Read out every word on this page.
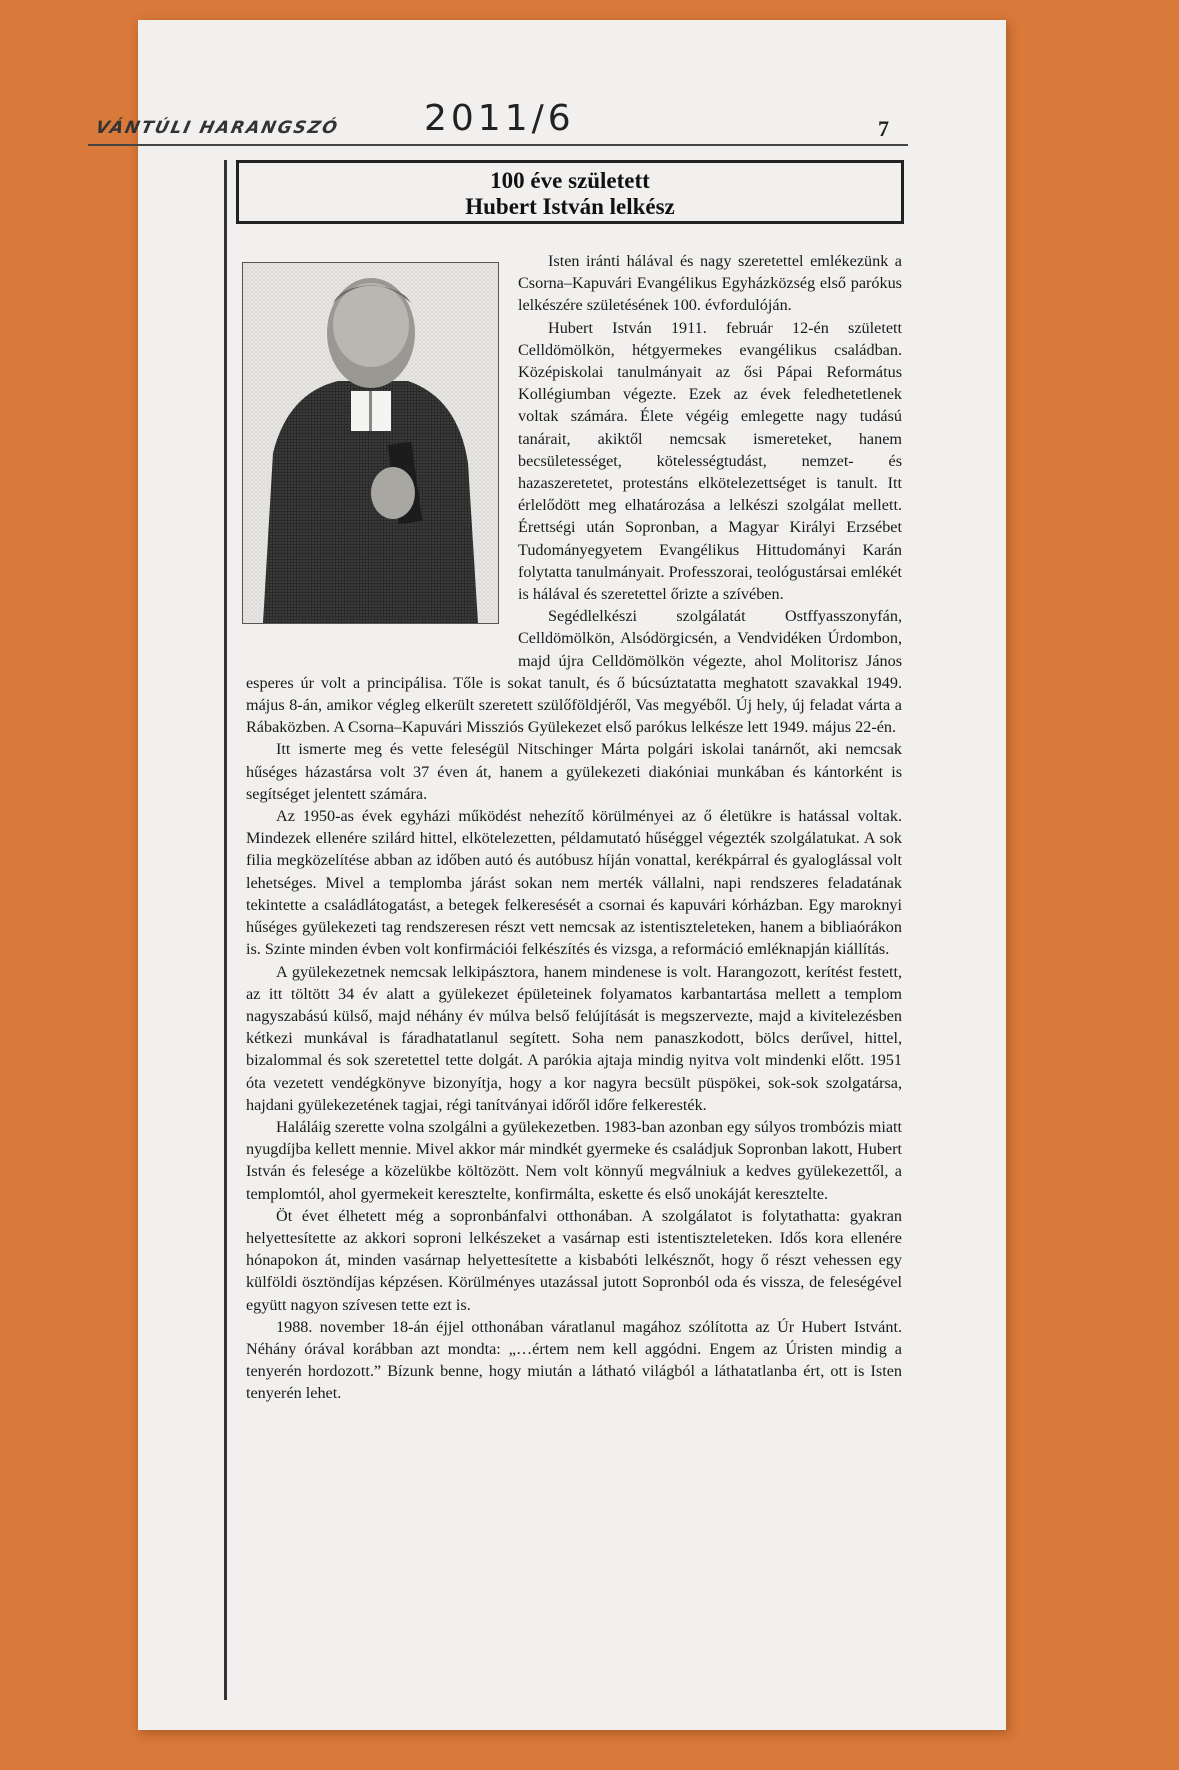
VÁNTÚLI HARANGSZÓ 2011/6	7
100 éve született
Hubert István lelkész

Isten iránti hálával és nagy szeretettel emlékezünk a Csorna–Kapuvári Evangélikus Egyházközség első parókus lelkészére születésének 100. évfordulóján.

Hubert István 1911. február 12-én született Celldömölkön, hétgyermekes evangélikus családban. Középiskolai tanulmányait az ősi Pápai Református Kollégiumban végezte. Ezek az évek feledhetetlenek voltak számára. Élete végéig emlegette nagy tudású tanárait, akiktől nemcsak ismereteket, hanem becsületességet, kötelességtudást, nemzet- és hazaszeretetet, protestáns elkötelezettséget is tanult. Itt érlelődött meg elhatározása a lelkészi szolgálat mellett. Érettségi után Sopronban, a Magyar Királyi Erzsébet Tudományegyetem Evangélikus Hittudományi Karán folytatta tanulmányait. Professzorai, teológustársai emlékét is hálával és szeretettel őrizte a szívében.

Segédlelkészi szolgálatát Ostffyasszonyfán, Celldömölkön, Alsódörgicsén, a Vendvidéken Úrdombon, majd újra Celldömölkön végezte, ahol Molitorisz János esperes úr volt a principálisa. Tőle is sokat tanult, és ő búcsúztatatta meghatott szavakkal 1949. május 8-án, amikor végleg elkerült szeretett szülőföldjéről, Vas megyéből. Új hely, új feladat várta a Rábaközben. A Csorna–Kapuvári Missziós Gyülekezet első parókus lelkésze lett 1949. május 22-én.

Itt ismerte meg és vette feleségül Nitschinger Márta polgári iskolai tanárnőt, aki nemcsak hűséges házastársa volt 37 éven át, hanem a gyülekezeti diakóniai munkában és kántorként is segítséget jelentett számára.

Az 1950-as évek egyházi működést nehezítő körülményei az ő életükre is hatással voltak. Mindezek ellenére szilárd hittel, elkötelezetten, példamutató hűséggel végezték szolgálatukat. A sok filia megközelítése abban az időben autó és autóbusz híján vonattal, kerékpárral és gyaloglással volt lehetséges. Mivel a templomba járást sokan nem merték vállalni, napi rendszeres feladatának tekintette a családlátogatást, a betegek felkeresését a csornai és kapuvári kórházban. Egy maroknyi hűséges gyülekezeti tag rendszeresen részt vett nemcsak az istentiszteleteken, hanem a bibliaórákon is. Szinte minden évben volt konfirmációi felkészítés és vizsga, a reformáció emléknapján kiállítás.

A gyülekezetnek nemcsak lelkipásztora, hanem mindenese is volt. Harangozott, kerítést festett, az itt töltött 34 év alatt a gyülekezet épületeinek folyamatos karbantartása mellett a templom nagyszabású külső, majd néhány év múlva belső felújítását is megszervezte, majd a kivitelezésben kétkezi munkával is fáradhatatlanul segített. Soha nem panaszkodott, bölcs derűvel, hittel, bizalommal és sok szeretettel tette dolgát. A parókia ajtaja mindig nyitva volt mindenki előtt. 1951 óta vezetett vendégkönyve bizonyítja, hogy a kor nagyra becsült püspökei, sok-sok szolgatársa, hajdani gyülekezetének tagjai, régi tanítványai időről időre felkeresték.

Haláláig szerette volna szolgálni a gyülekezetben. 1983-ban azonban egy súlyos trombózis miatt nyugdíjba kellett mennie. Mivel akkor már mindkét gyermeke és családjuk Sopronban lakott, Hubert István és felesége a közelükbe költözött. Nem volt könnyű megválniuk a kedves gyülekezettől, a templomtól, ahol gyermekeit keresztelte, konfirmálta, eskette és első unokáját keresztelte.

Öt évet élhetett még a sopronbánfalvi otthonában. A szolgálatot is folytathatta: gyakran helyettesítette az akkori soproni lelkészeket a vasárnap esti istentiszteleteken. Idős kora ellenére hónapokon át, minden vasárnap helyettesítette a kisbabóti lelkésznőt, hogy ő részt vehessen egy külföldi ösztöndíjas képzésen. Körülményes utazással jutott Sopronból oda és vissza, de feleségével együtt nagyon szívesen tette ezt is.

1988. november 18-án éjjel otthonában váratlanul magához szólította az Úr Hubert Istvánt. Néhány órával korábban azt mondta: „…értem nem kell aggódni. Engem az Úristen mindig a tenyerén hordozott.” Bízunk benne, hogy miután a látható világból a láthatatlanba ért, ott is Isten tenyerén lehet.
